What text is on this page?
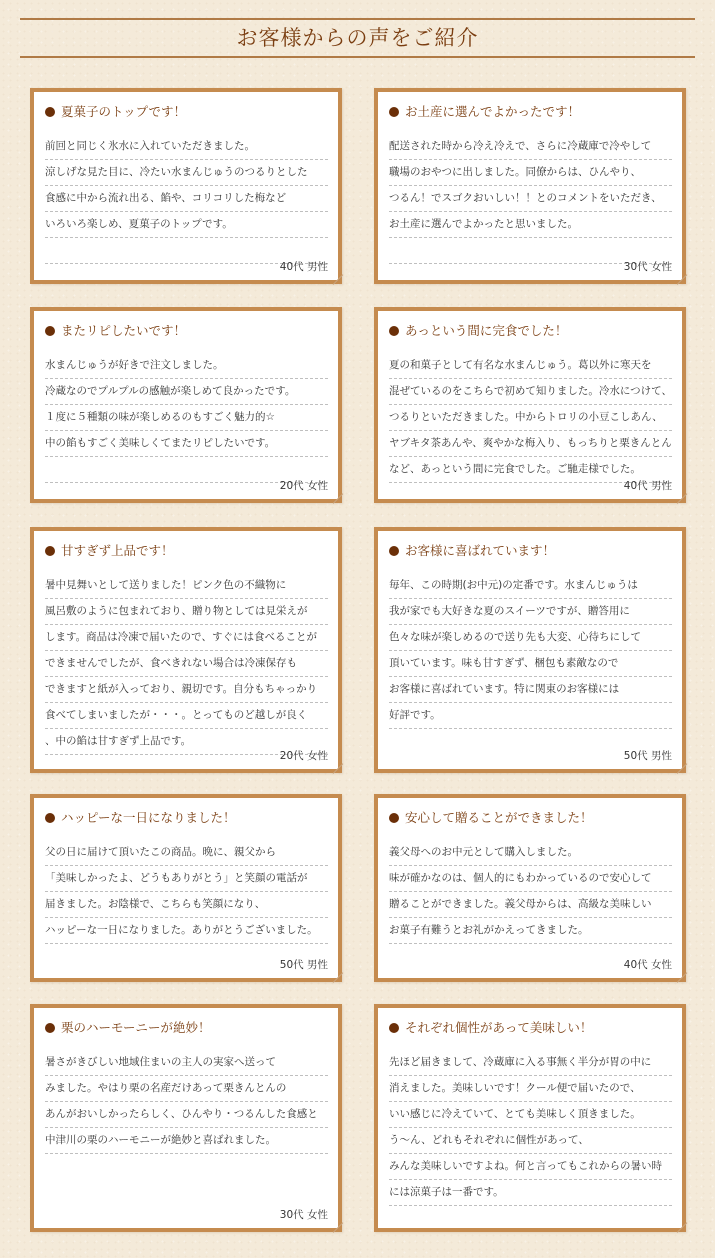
お客様からの声をご紹介
夏菓子のトップです！
前回と同じく氷水に入れていただきました。
涼しげな見た目に、冷たい水まんじゅうのつるりとした
食感に中から流れ出る、餡や、コリコリした梅など
いろいろ楽しめ、夏菓子のトップです。
40代 男性
お土産に選んでよかったです！
配送された時から冷え冷えで、さらに冷蔵庫で冷やして
職場のおやつに出しました。同僚からは、ひんやり、
つるん！でスゴクおいしい！！とのコメントをいただき、
お土産に選んでよかったと思いました。
30代 女性
またリピしたいです！
水まんじゅうが好きで注文しました。
冷蔵なのでプルプルの感触が楽しめて良かったです。
１度に５種類の味が楽しめるのもすごく魅力的☆
中の餡もすごく美味しくてまたリピしたいです。
20代 女性
あっという間に完食でした！
夏の和菓子として有名な水まんじゅう。葛以外に寒天を
混ぜているのをこちらで初めて知りました。冷水につけて、
つるりといただきました。中からトロリの小豆こしあん、
ヤブキタ茶あんや、爽やかな梅入り、もっちりと栗きんとん
など、あっという間に完食でした。ご馳走様でした。
40代 男性
甘すぎず上品です！
暑中見舞いとして送りました！ピンク色の不織物に
風呂敷のように包まれており、贈り物としては見栄えが
します。商品は冷凍で届いたので、すぐには食べることが
できませんでしたが、食べきれない場合は冷凍保存も
できますと紙が入っており、親切です。自分もちゃっかり
食べてしまいましたが・・・。とってものど越しが良く
、中の餡は甘すぎず上品です。
20代 女性
お客様に喜ばれています！
毎年、この時期(お中元)の定番です。水まんじゅうは
我が家でも大好きな夏のスイーツですが、贈答用に
色々な味が楽しめるので送り先も大変、心待ちにして
頂いています。味も甘すぎず、梱包も素敵なので
お客様に喜ばれています。特に関東のお客様には
好評です。
50代 男性
ハッピーな一日になりました！
父の日に届けて頂いたこの商品。晩に、親父から
「美味しかったよ、どうもありがとう」と笑顔の電話が
届きました。お陰様で、こちらも笑顔になり、
ハッピーな一日になりました。ありがとうございました。
50代 男性
安心して贈ることができました！
義父母へのお中元として購入しました。
味が確かなのは、個人的にもわかっているので安心して
贈ることができました。義父母からは、高級な美味しい
お菓子有難うとお礼がかえってきました。
40代 女性
栗のハーモーニーが絶妙！
暑さがきびしい地域住まいの主人の実家へ送って
みました。やはり栗の名産だけあって栗きんとんの
あんがおいしかったらしく、ひんやり・つるんした食感と
中津川の栗のハーモニーが絶妙と喜ばれました。
30代 女性
それぞれ個性があって美味しい！
先ほど届きまして、冷蔵庫に入る事無く半分が胃の中に
消えました。美味しいです！クール便で届いたので、
いい感じに冷えていて、とても美味しく頂きました。
う～ん、どれもそれぞれに個性があって、
みんな美味しいですよね。何と言ってもこれからの暑い時
には涼菓子は一番です。
